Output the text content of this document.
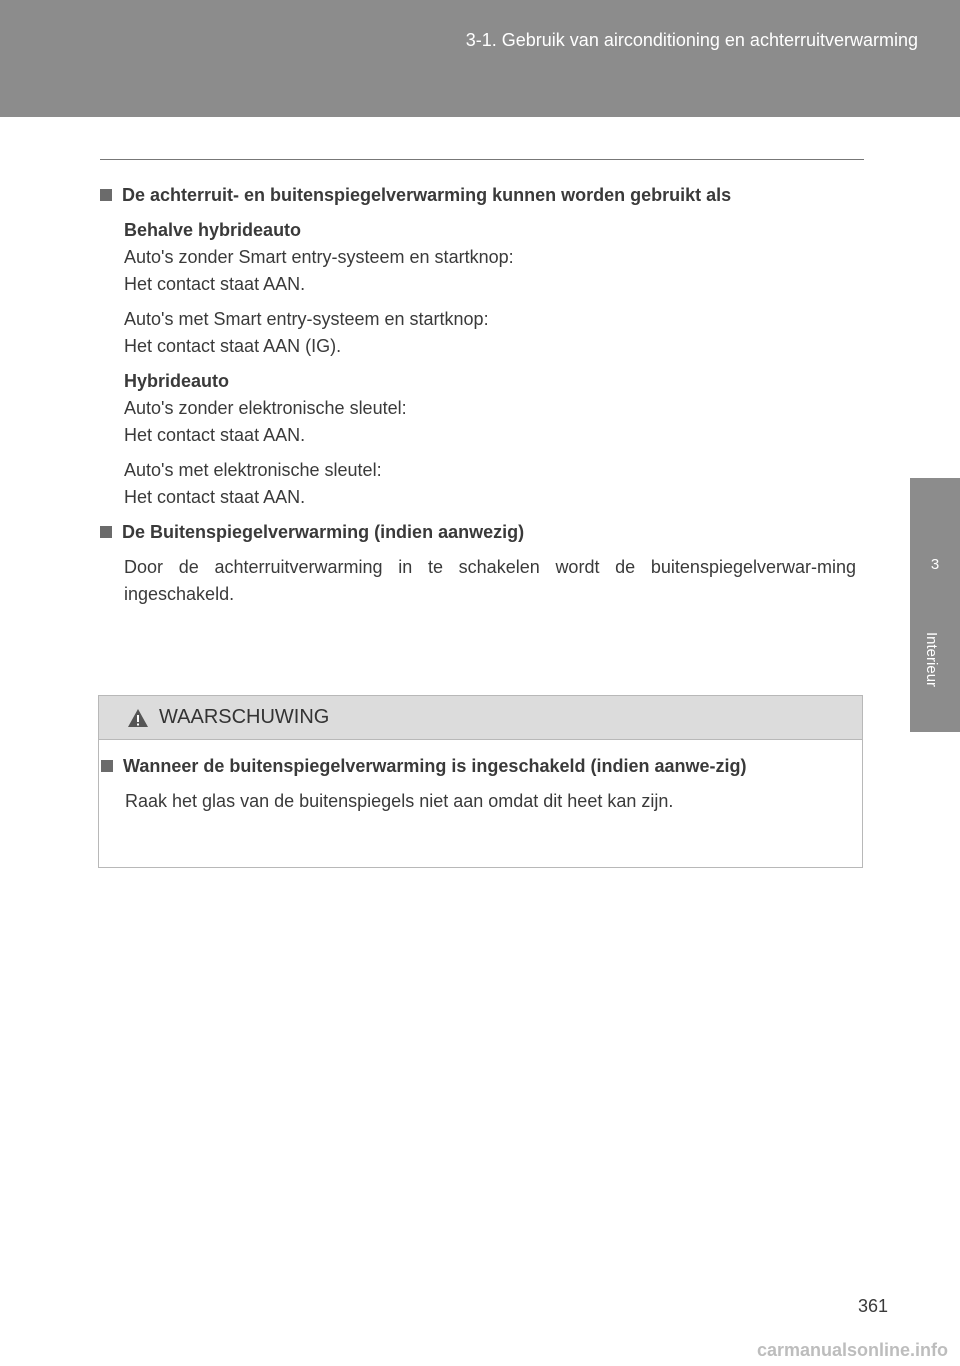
3-1. Gebruik van airconditioning en achterruitverwarming
3
Interieur
De achterruit- en buitenspiegelverwarming kunnen worden gebruikt als
Behalve hybrideauto
Auto's zonder Smart entry-systeem en startknop:
Het contact staat AAN.
Auto's met Smart entry-systeem en startknop:
Het contact staat AAN (IG).
Hybrideauto
Auto's zonder elektronische sleutel:
Het contact staat AAN.
Auto's met elektronische sleutel:
Het contact staat AAN.
De Buitenspiegelverwarming (indien aanwezig)
Door de achterruitverwarming in te schakelen wordt de buitenspiegelverwar-ming ingeschakeld.
WAARSCHUWING
Wanneer de buitenspiegelverwarming is ingeschakeld (indien aanwe-zig)
Raak het glas van de buitenspiegels niet aan omdat dit heet kan zijn.
361
carmanualsonline.info
